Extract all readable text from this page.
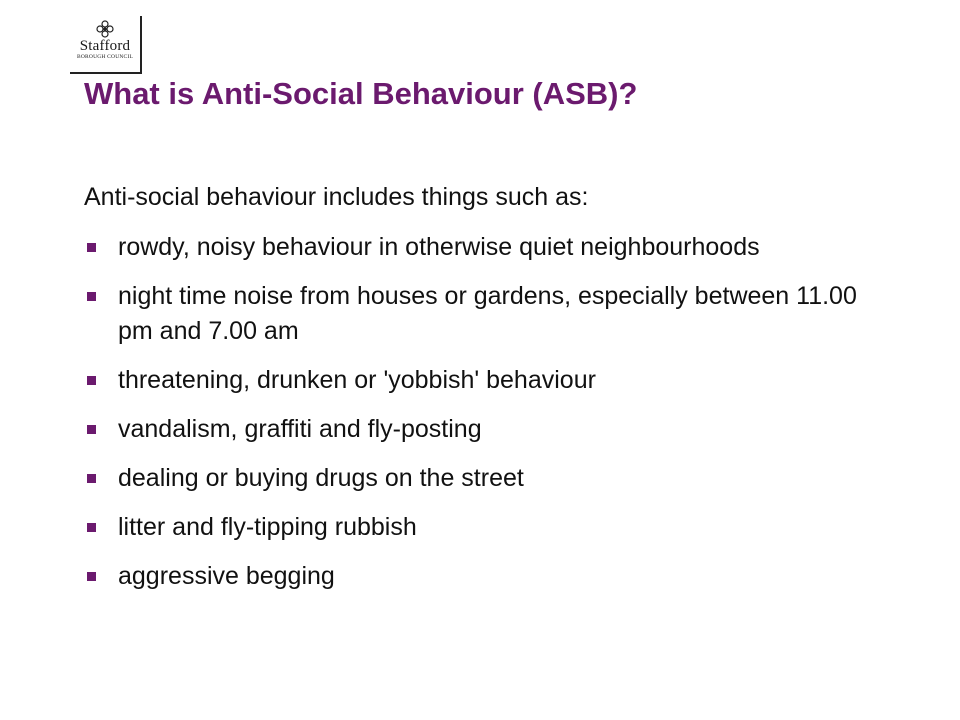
Stafford
BOROUGH COUNCIL
What is Anti-Social Behaviour (ASB)?

Anti-social behaviour includes things such as:

rowdy, noisy behaviour in otherwise quiet neighbourhoods
night time noise from houses or gardens, especially between 11.00 pm and 7.00 am
threatening, drunken or 'yobbish' behaviour
vandalism, graffiti and fly-posting
dealing or buying drugs on the street
litter and fly-tipping rubbish
aggressive begging
